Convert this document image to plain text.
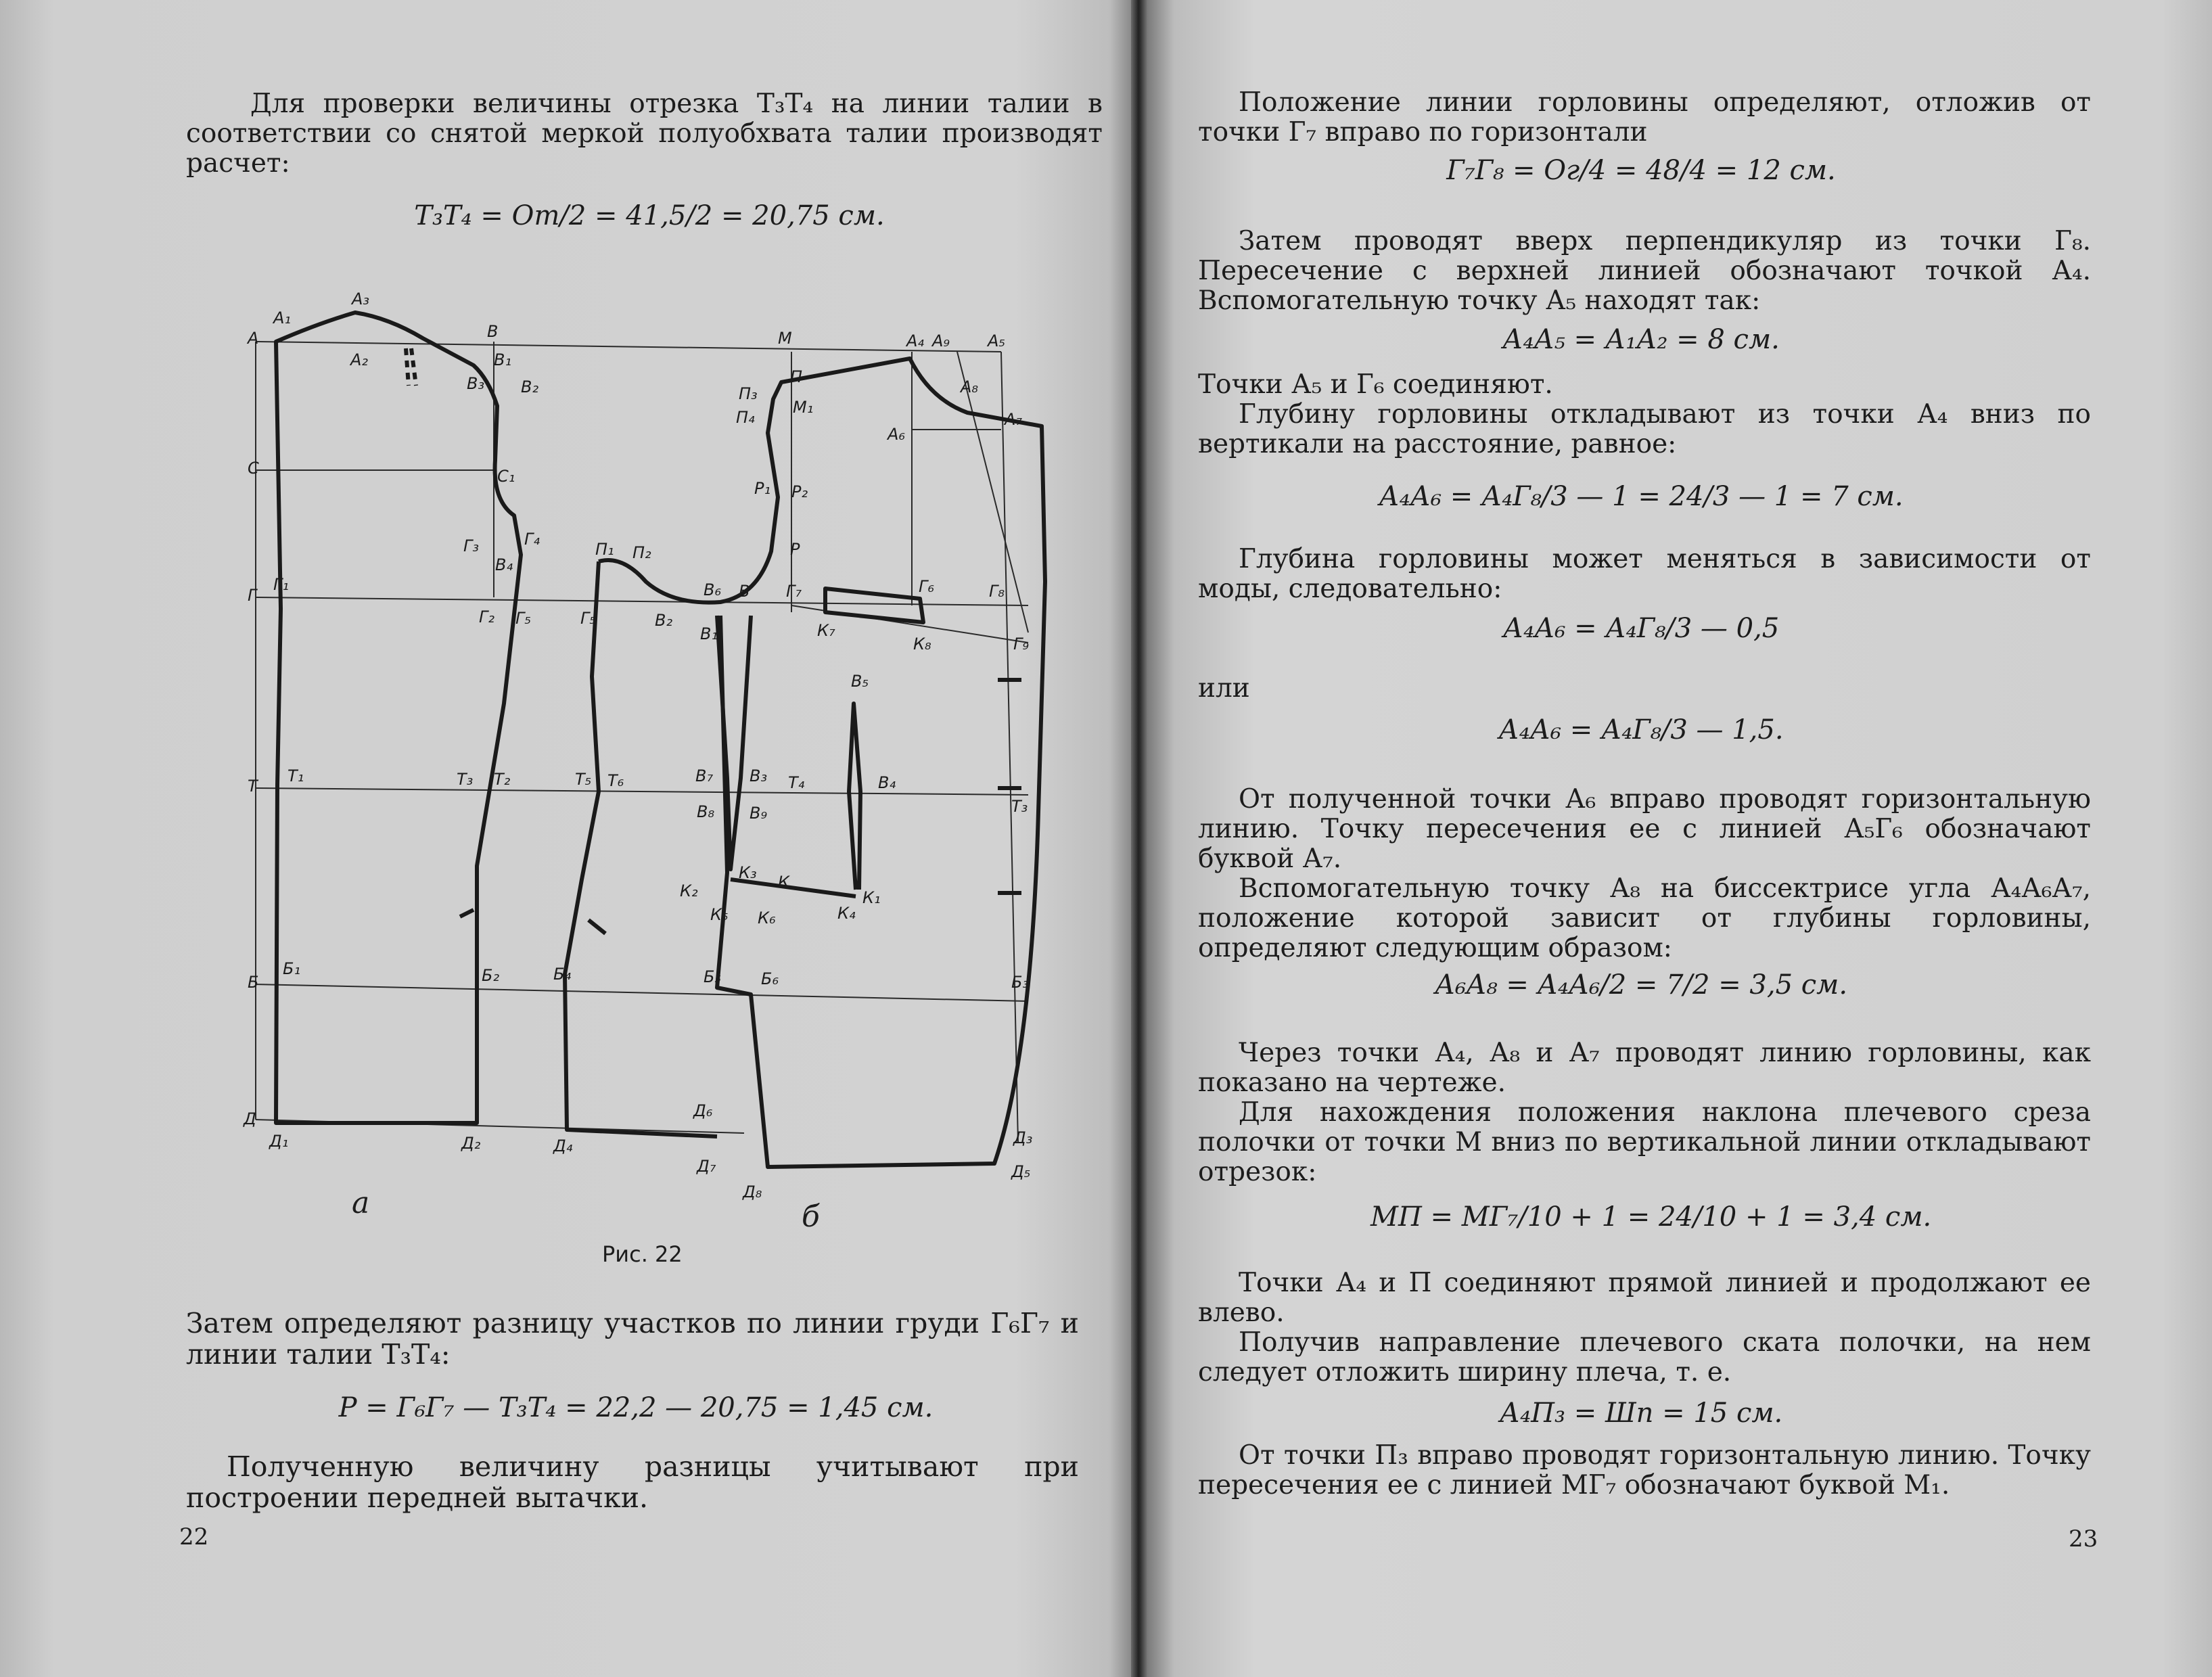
Для проверки величины отрезка T₃T₄ на линии талии в соответствии со снятой меркой полуобхвата талии производят расчет:

T₃T₄ = Oт/2 = 41,5/2 = 20,75 см.

А
А₁
А₃
А₂
В
В₁
В₃ В₂
М	А₄ А₉ А₅
А₈
А₇
А₆
П
П₃
П₄
М₁
Р₁ Р₂
Р
С	С₁
Г₃	Г₄
В₄
П₁ П₂
Г
Г₁
Г₂ Г₅	Г₅	В₂
В₆ В Г₇
В₁	К₇
Г₆
К₈
Г₈
Г₉
В₅
Т
Т₁	Т₃ Т₂	Т₅ Т₆	В₇ В₃ Т₄	В₄
В₈ В₉	Т₃
К₃ К
К₂	К₁
К₅ К₆	К₄
Б
Б₁	Б₂	Б₄	Б₅ Б₆	Б₃
Д
Д₁	Д₂	Д₄
Д₆
Д₇
Д₈
Д₃
Д₅
а	б
Рис. 22

Затем определяют разницу участков по линии груди Г₆Г₇ и линии талии T₃T₄:

Р = Г₆Г₇ — T₃T₄ = 22,2 — 20,75 = 1,45 см.

Полученную величину разницы учитывают при построении передней вытачки.

22

Положение линии горловины определяют, отложив от точки Г₇ вправо по горизонтали

Г₇Г₈ = Ог/4 = 48/4 = 12 см.

Затем проводят вверх перпендикуляр из точки Г₈. Пересечение с верхней линией обозначают точкой А₄. Вспомогательную точку А₅ находят так:

А₄А₅ = А₁А₂ = 8 см.

Точки А₅ и Г₆ соединяют.

Глубину горловины откладывают из точки А₄ вниз по вертикали на расстояние, равное:

А₄А₆ = А₄Г₈/3 — 1 = 24/3 — 1 = 7 см.

Глубина горловины может меняться в зависимости от моды, следовательно:

А₄А₆ = А₄Г₈/3 — 0,5

или

А₄А₆ = А₄Г₈/3 — 1,5.

От полученной точки А₆ вправо проводят горизонтальную линию. Точку пересечения ее с линией А₅Г₆ обозначают буквой А₇.

Вспомогательную точку А₈ на биссектрисе угла А₄А₆А₇, положение которой зависит от глубины горловины, определяют следующим образом:

А₆А₈ = А₄А₆/2 = 7/2 = 3,5 см.

Через точки А₄, А₈ и А₇ проводят линию горловины, как показано на чертеже.

Для нахождения положения наклона плечевого среза полочки от точки М вниз по вертикальной линии откладывают отрезок:

МП = МГ₇/10 + 1 = 24/10 + 1 = 3,4 см.

Точки А₄ и П соединяют прямой линией и продолжают ее влево.

Получив направление плечевого ската полочки, на нем следует отложить ширину плеча, т. е.

А₄П₃ = Шп = 15 см.

От точки П₃ вправо проводят горизонтальную линию. Точку пересечения ее с линией МГ₇ обозначают буквой М₁.

23
